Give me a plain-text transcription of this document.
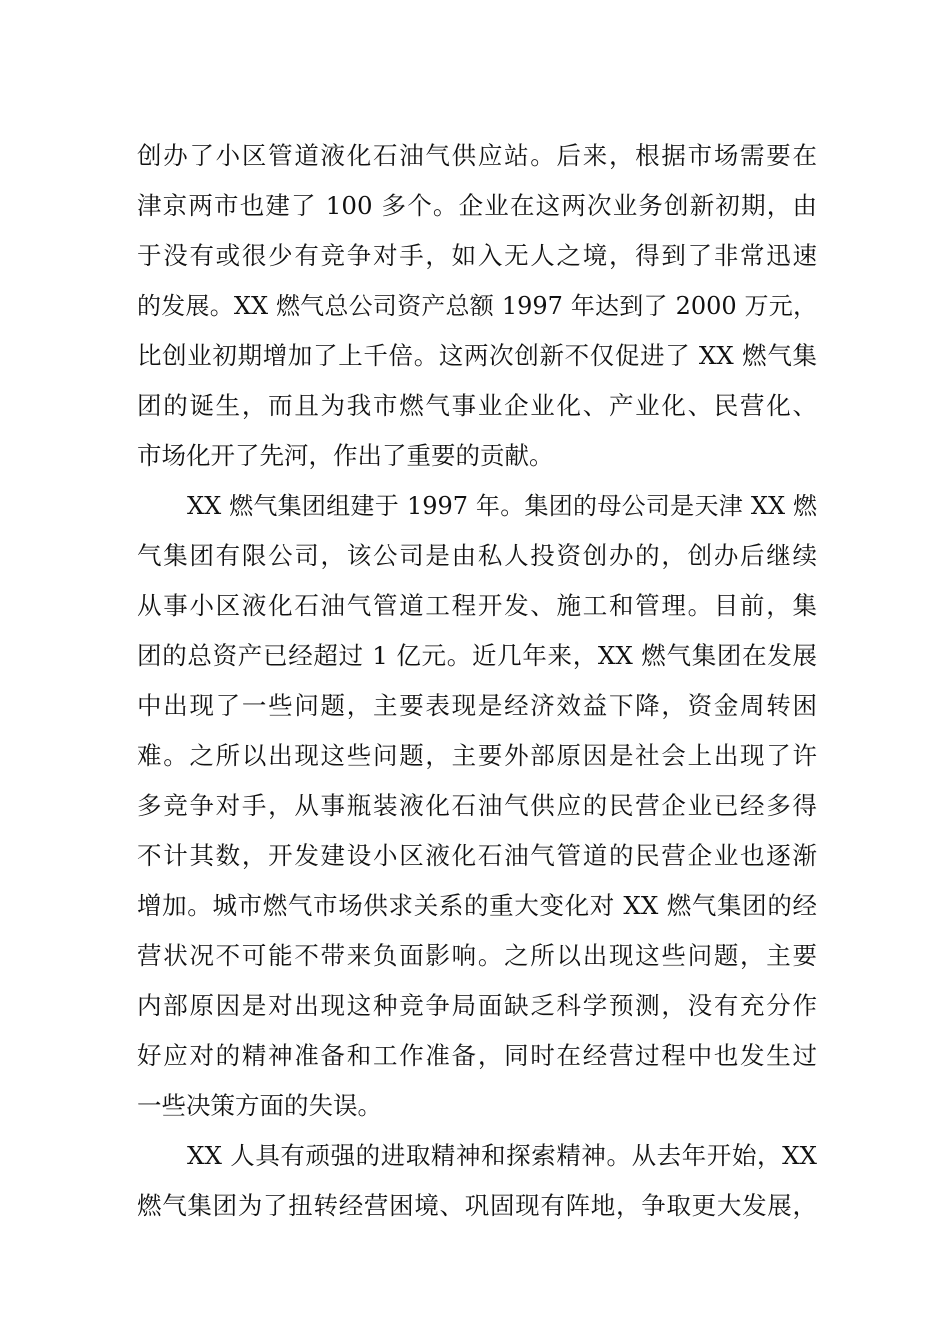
创办了小区管道液化石油气供应站。后来，根据市场需要在
津京两市也建了 100 多个。企业在这两次业务创新初期，由
于没有或很少有竞争对手，如入无人之境，得到了非常迅速
的发展。XX 燃气总公司资产总额 1997 年达到了 2000 万元，
比创业初期增加了上千倍。这两次创新不仅促进了 XX 燃气集
团的诞生，而且为我市燃气事业企业化、产业化、民营化、
市场化开了先河，作出了重要的贡献。
XX 燃气集团组建于 1997 年。集团的母公司是天津 XX 燃
气集团有限公司，该公司是由私人投资创办的，创办后继续
从事小区液化石油气管道工程开发、施工和管理。目前，集
团的总资产已经超过 1 亿元。近几年来，XX 燃气集团在发展
中出现了一些问题，主要表现是经济效益下降，资金周转困
难。之所以出现这些问题，主要外部原因是社会上出现了许
多竞争对手，从事瓶装液化石油气供应的民营企业已经多得
不计其数，开发建设小区液化石油气管道的民营企业也逐渐
增加。城市燃气市场供求关系的重大变化对 XX 燃气集团的经
营状况不可能不带来负面影响。之所以出现这些问题，主要
内部原因是对出现这种竞争局面缺乏科学预测，没有充分作
好应对的精神准备和工作准备，同时在经营过程中也发生过
一些决策方面的失误。
XX 人具有顽强的进取精神和探索精神。从去年开始，XX
燃气集团为了扭转经营困境、巩固现有阵地，争取更大发展，
